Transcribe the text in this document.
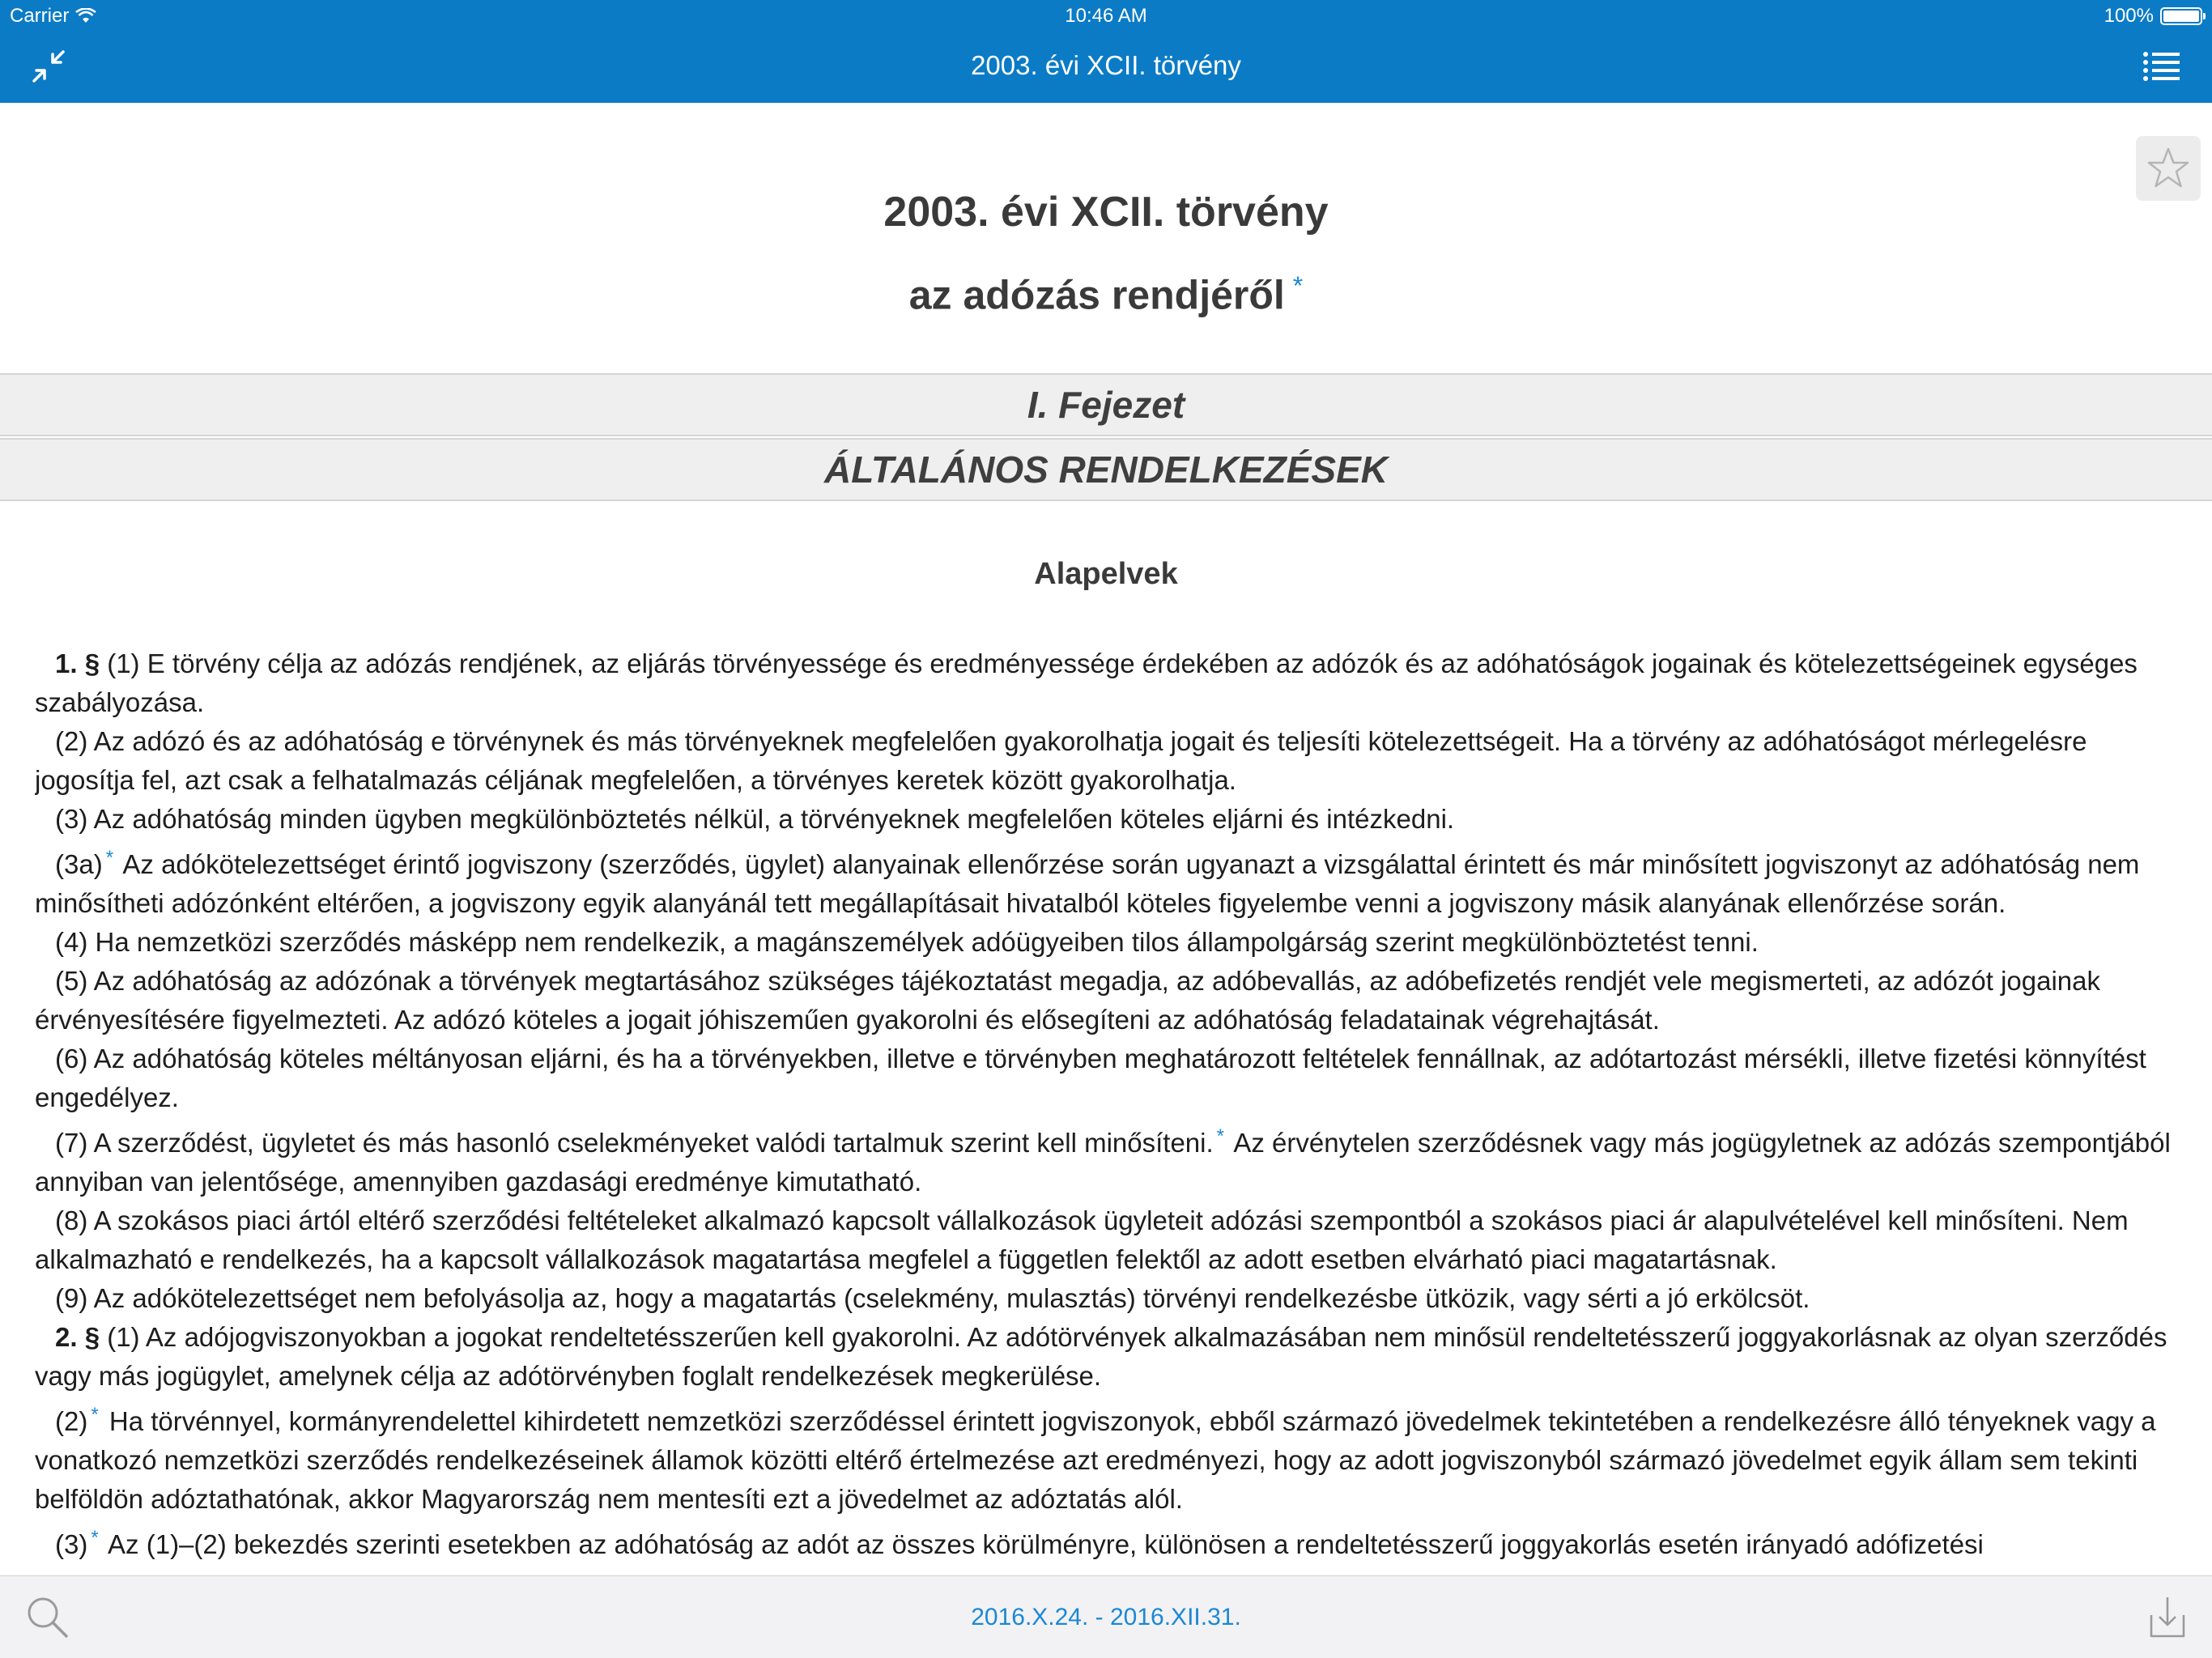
Carrier	10:46 AM	100%
2003. évi XCII. törvény
2003. évi XCII. törvény
az adózás rendjéről *
I. Fejezet
ÁLTALÁNOS RENDELKEZÉSEK
Alapelvek

1. § (1) E törvény célja az adózás rendjének, az eljárás törvényessége és eredményessége érdekében az adózók és az adóhatóságok jogainak és kötelezettségeinek egységes szabályozása.

(2) Az adózó és az adóhatóság e törvénynek és más törvényeknek megfelelően gyakorolhatja jogait és teljesíti kötelezettségeit. Ha a törvény az adóhatóságot mérlegelésre jogosítja fel, azt csak a felhatalmazás céljának megfelelően, a törvényes keretek között gyakorolhatja.

(3) Az adóhatóság minden ügyben megkülönböztetés nélkül, a törvényeknek megfelelően köteles eljárni és intézkedni.

(3a) * Az adókötelezettséget érintő jogviszony (szerződés, ügylet) alanyainak ellenőrzése során ugyanazt a vizsgálattal érintett és már minősített jogviszonyt az adóhatóság nem minősítheti adózónként eltérően, a jogviszony egyik alanyánál tett megállapításait hivatalból köteles figyelembe venni a jogviszony másik alanyának ellenőrzése során.

(4) Ha nemzetközi szerződés másképp nem rendelkezik, a magánszemélyek adóügyeiben tilos állampolgárság szerint megkülönböztetést tenni.

(5) Az adóhatóság az adózónak a törvények megtartásához szükséges tájékoztatást megadja, az adóbevallás, az adóbefizetés rendjét vele megismerteti, az adózót jogainak érvényesítésére figyelmezteti. Az adózó köteles a jogait jóhiszeműen gyakorolni és elősegíteni az adóhatóság feladatainak végrehajtását.

(6) Az adóhatóság köteles méltányosan eljárni, és ha a törvényekben, illetve e törvényben meghatározott feltételek fennállnak, az adótartozást mérsékli, illetve fizetési könnyítést engedélyez.

(7) A szerződést, ügyletet és más hasonló cselekményeket valódi tartalmuk szerint kell minősíteni. * Az érvénytelen szerződésnek vagy más jogügyletnek az adózás szempontjából annyiban van jelentősége, amennyiben gazdasági eredménye kimutatható.

(8) A szokásos piaci ártól eltérő szerződési feltételeket alkalmazó kapcsolt vállalkozások ügyleteit adózási szempontból a szokásos piaci ár alapulvételével kell minősíteni. Nem alkalmazható e rendelkezés, ha a kapcsolt vállalkozások magatartása megfelel a független felektől az adott esetben elvárható piaci magatartásnak.

(9) Az adókötelezettséget nem befolyásolja az, hogy a magatartás (cselekmény, mulasztás) törvényi rendelkezésbe ütközik, vagy sérti a jó erkölcsöt.

2. § (1) Az adójogviszonyokban a jogokat rendeltetésszerűen kell gyakorolni. Az adótörvények alkalmazásában nem minősül rendeltetésszerű joggyakorlásnak az olyan szerződés vagy más jogügylet, amelynek célja az adótörvényben foglalt rendelkezések megkerülése.

(2) * Ha törvénnyel, kormányrendelettel kihirdetett nemzetközi szerződéssel érintett jogviszonyok, ebből származó jövedelmek tekintetében a rendelkezésre álló tényeknek vagy a vonatkozó nemzetközi szerződés rendelkezéseinek államok közötti eltérő értelmezése azt eredményezi, hogy az adott jogviszonyból származó jövedelmet egyik állam sem tekinti belföldön adóztathatónak, akkor Magyarország nem mentesíti ezt a jövedelmet az adóztatás alól.

(3) * Az (1)–(2) bekezdés szerinti esetekben az adóhatóság az adót az összes körülményre, különösen a rendeltetésszerű joggyakorlás esetén irányadó adófizetési

2016.X.24. - 2016.XII.31.
